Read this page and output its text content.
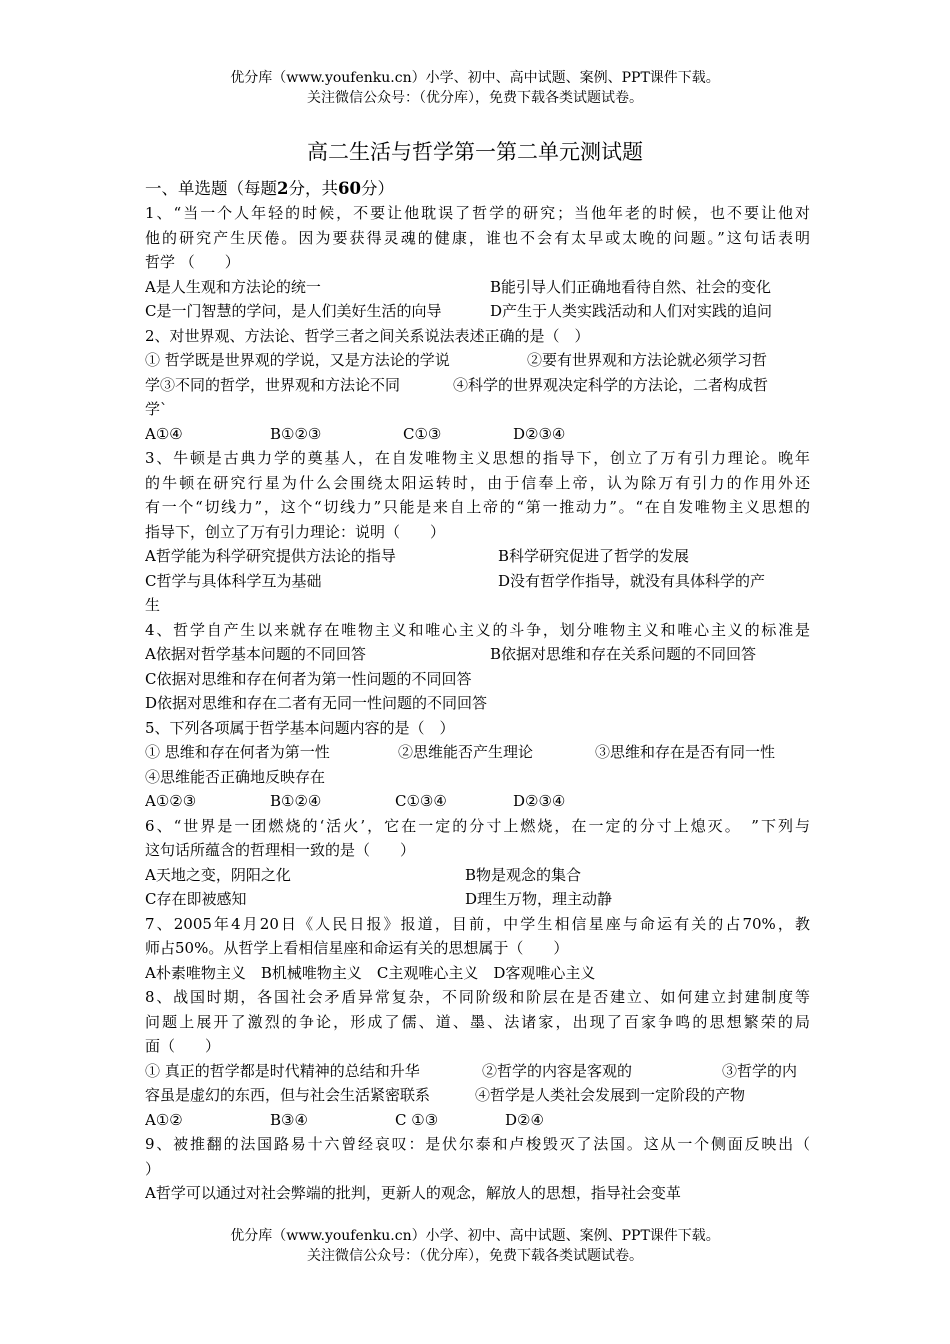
优分库（www.youfenku.cn）小学、初中、高中试题、案例、PPT课件下载。
关注微信公众号：（优分库），免费下载各类试题试卷。
高二生活与哲学第一第二单元测试题

一、单选题（每题2分，共60分）

1、“当一个人年轻的时候，不要让他耽误了哲学的研究；当他年老的时候，也不要让他对

他的研究产生厌倦。因为要获得灵魂的健康，谁也不会有太早或太晚的问题。”这句话表明

哲学 （　　）

A是人生观和方法论的统一	B能引导人们正确地看待自然、社会的变化
C是一门智慧的学问，是人们美好生活的向导	D产生于人类实践活动和人们对实践的追问

2、对世界观、方法论、哲学三者之间关系说法表述正确的是（　）

① 哲学既是世界观的学说，又是方法论的学说	②要有世界观和方法论就必须学习哲
学③不同的哲学，世界观和方法论不同	④科学的世界观决定科学的方法论，二者构成哲

学`

A①④	B①②③	C①③	D②③④

3、牛顿是古典力学的奠基人，在自发唯物主义思想的指导下，创立了万有引力理论。晚年

的牛顿在研究行星为什么会围绕太阳运转时，由于信奉上帝，认为除万有引力的作用外还

有一个“切线力”，这个“切线力”只能是来自上帝的“第一推动力”。“在自发唯物主义思想的

指导下，创立了万有引力理论：说明（　　）

A哲学能为科学研究提供方法论的指导	B科学研究促进了哲学的发展
C哲学与具体科学互为基础	D没有哲学作指导，就没有具体科学的产

生

4、哲学自产生以来就存在唯物主义和唯心主义的斗争，划分唯物主义和唯心主义的标准是

A依据对哲学基本问题的不同回答	B依据对思维和存在关系问题的不同回答

C依据对思维和存在何者为第一性问题的不同回答

D依据对思维和存在二者有无同一性问题的不同回答

5、下列各项属于哲学基本问题内容的是（　）

① 思维和存在何者为第一性	②思维能否产生理论	③思维和存在是否有同一性

④思维能否正确地反映存在

A①②③	B①②④	C①③④	D②③④

6、“世界是一团燃烧的‘活火’，它在一定的分寸上燃烧，在一定的分寸上熄灭。　”下列与

这句话所蕴含的哲理相一致的是（　　）

A天地之变，阴阳之化	B物是观念的集合
C存在即被感知	D理生万物，理主动静

7、2005年4月20日《人民日报》报道，目前，中学生相信星座与命运有关的占70%，教

师占50%。从哲学上看相信星座和命运有关的思想属于（　　）

A朴素唯物主义　B机械唯物主义　C主观唯心主义　D客观唯心主义

8、战国时期，各国社会矛盾异常复杂，不同阶级和阶层在是否建立、如何建立封建制度等

问题上展开了激烈的争论，形成了儒、道、墨、法诸家，出现了百家争鸣的思想繁荣的局

面（　　）

① 真正的哲学都是时代精神的总结和升华	②哲学的内容是客观的	③哲学的内
容虽是虚幻的东西，但与社会生活紧密联系	④哲学是人类社会发展到一定阶段的产物
A①②	B③④	C ①③	D②④

9、被推翻的法国路易十六曾经哀叹：是伏尔泰和卢梭毁灭了法国。这从一个侧面反映出（

）

A哲学可以通过对社会弊端的批判，更新人的观念，解放人的思想，指导社会变革

优分库（www.youfenku.cn）小学、初中、高中试题、案例、PPT课件下载。
关注微信公众号：（优分库），免费下载各类试题试卷。
